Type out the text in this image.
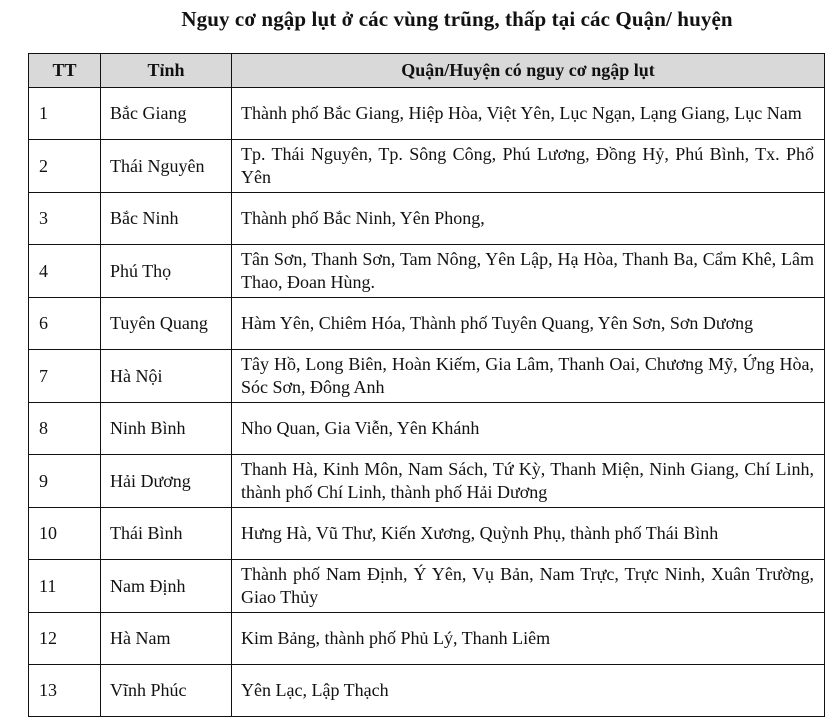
Nguy cơ ngập lụt ở các vùng trũng, thấp tại các Quận/ huyện
TT	Tỉnh	Quận/Huyện có nguy cơ ngập lụt
1	Bắc Giang	Thành phố Bắc Giang, Hiệp Hòa, Việt Yên, Lục Ngạn, Lạng Giang, Lục Nam
2	Thái Nguyên	Tp. Thái Nguyên, Tp. Sông Công, Phú Lương, Đồng Hỷ, Phú Bình, Tx. Phổ Yên
3	Bắc Ninh	Thành phố Bắc Ninh, Yên Phong,
4	Phú Thọ	Tân Sơn, Thanh Sơn, Tam Nông, Yên Lập, Hạ Hòa, Thanh Ba, Cẩm Khê, Lâm Thao, Đoan Hùng.
6	Tuyên Quang	Hàm Yên, Chiêm Hóa, Thành phố Tuyên Quang, Yên Sơn, Sơn Dương
7	Hà Nội	Tây Hồ, Long Biên, Hoàn Kiếm, Gia Lâm, Thanh Oai, Chương Mỹ, Ứng Hòa, Sóc Sơn, Đông Anh
8	Ninh Bình	Nho Quan, Gia Viễn, Yên Khánh
9	Hải Dương	Thanh Hà, Kinh Môn, Nam Sách, Tứ Kỳ, Thanh Miện, Ninh Giang, Chí Linh, thành phố Chí Linh, thành phố Hải Dương
10	Thái Bình	Hưng Hà, Vũ Thư, Kiến Xương, Quỳnh Phụ, thành phố Thái Bình
11	Nam Định	Thành phố Nam Định, Ý Yên, Vụ Bản, Nam Trực, Trực Ninh, Xuân Trường, Giao Thủy
12	Hà Nam	Kim Bảng, thành phố Phủ Lý, Thanh Liêm
13	Vĩnh Phúc	Yên Lạc, Lập Thạch
